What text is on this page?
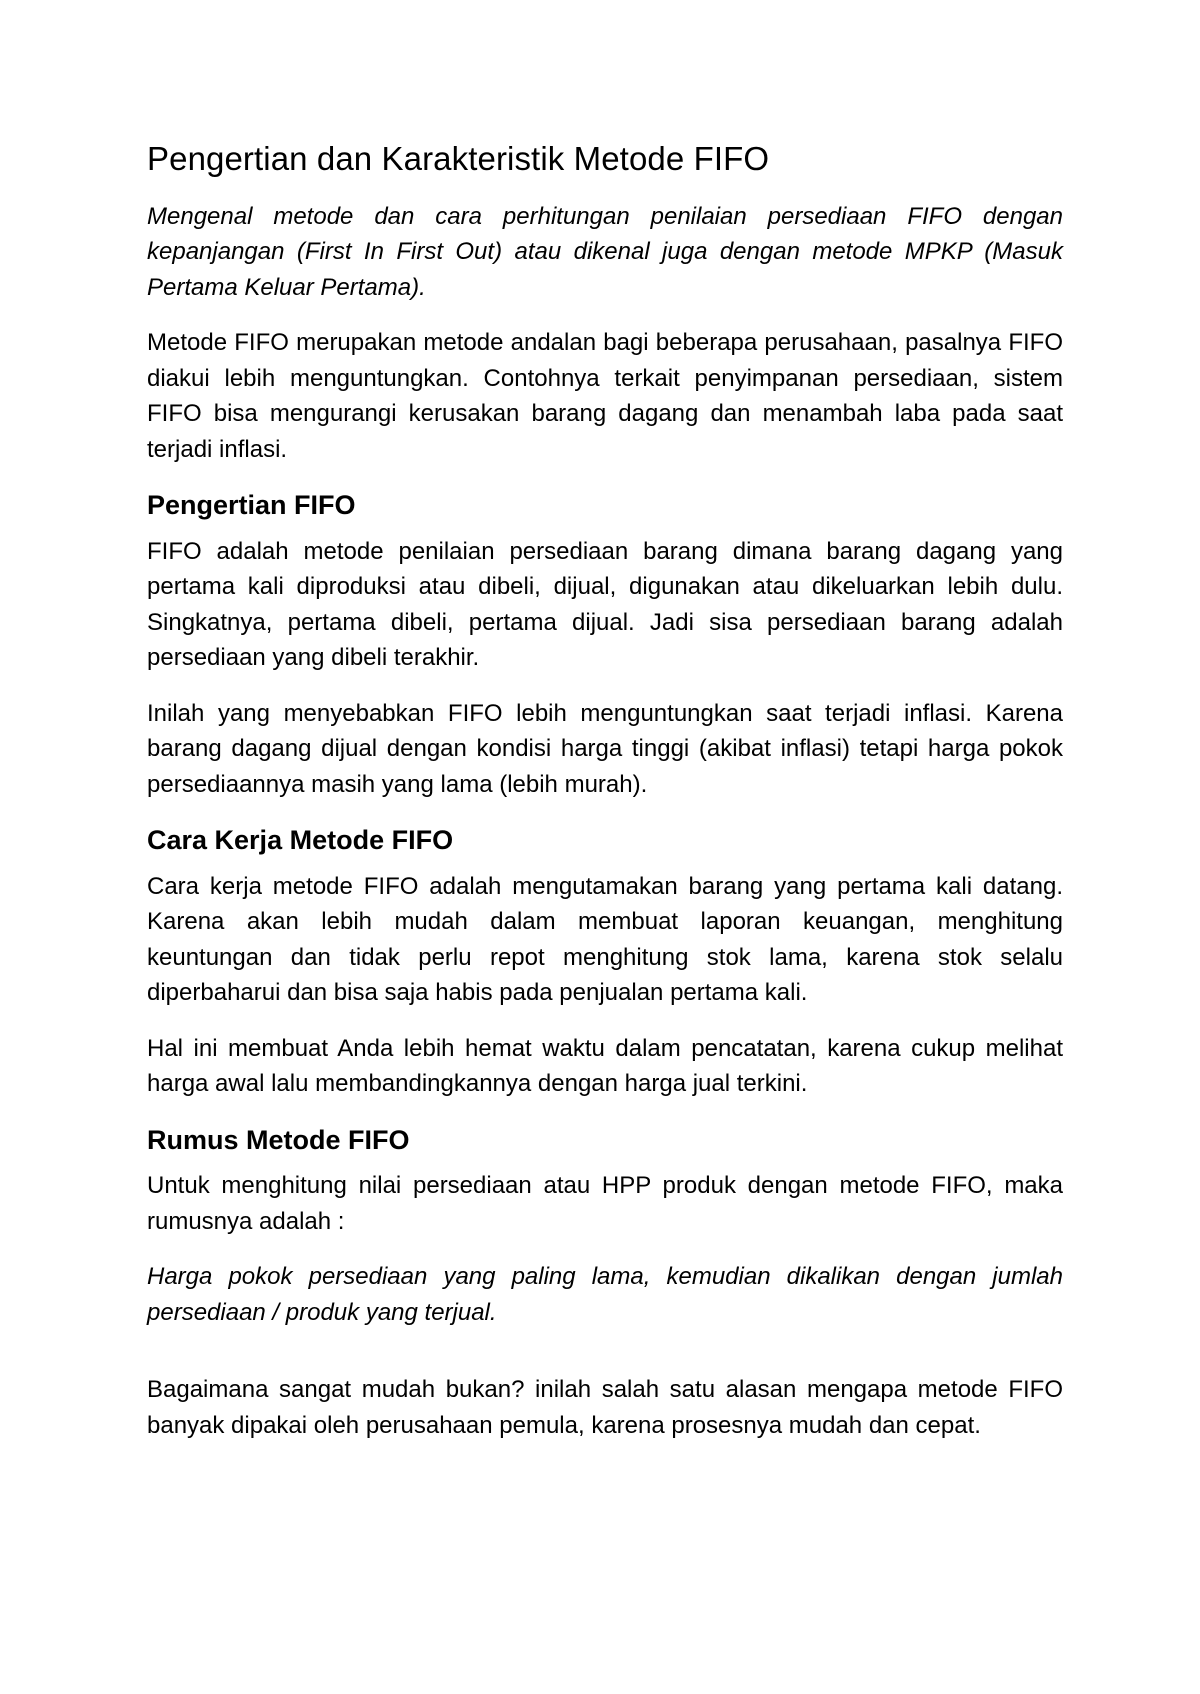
Pengertian dan Karakteristik Metode FIFO

Mengenal metode dan cara perhitungan penilaian persediaan FIFO dengan kepanjangan (First In First Out) atau dikenal juga dengan metode MPKP (Masuk Pertama Keluar Pertama).

Metode FIFO merupakan metode andalan bagi beberapa perusahaan, pasalnya FIFO diakui lebih menguntungkan. Contohnya terkait penyimpanan persediaan, sistem FIFO bisa mengurangi kerusakan barang dagang dan menambah laba pada saat terjadi inflasi.

Pengertian FIFO

FIFO adalah metode penilaian persediaan barang dimana barang dagang yang pertama kali diproduksi atau dibeli, dijual, digunakan atau dikeluarkan lebih dulu. Singkatnya, pertama dibeli, pertama dijual. Jadi sisa persediaan barang adalah persediaan yang dibeli terakhir.

Inilah yang menyebabkan FIFO lebih menguntungkan saat terjadi inflasi. Karena barang dagang dijual dengan kondisi harga tinggi (akibat inflasi) tetapi harga pokok persediaannya masih yang lama (lebih murah).

Cara Kerja Metode FIFO

Cara kerja metode FIFO adalah mengutamakan barang yang pertama kali datang. Karena akan lebih mudah dalam membuat laporan keuangan, menghitung keuntungan dan tidak perlu repot menghitung stok lama, karena stok selalu diperbaharui dan bisa saja habis pada penjualan pertama kali.

Hal ini membuat Anda lebih hemat waktu dalam pencatatan, karena cukup melihat harga awal lalu membandingkannya dengan harga jual terkini.

Rumus Metode FIFO

Untuk menghitung nilai persediaan atau HPP produk dengan metode FIFO, maka rumusnya adalah :

Harga pokok persediaan yang paling lama, kemudian dikalikan dengan jumlah persediaan / produk yang terjual.

Bagaimana sangat mudah bukan? inilah salah satu alasan mengapa metode FIFO banyak dipakai oleh perusahaan pemula, karena prosesnya mudah dan cepat.
